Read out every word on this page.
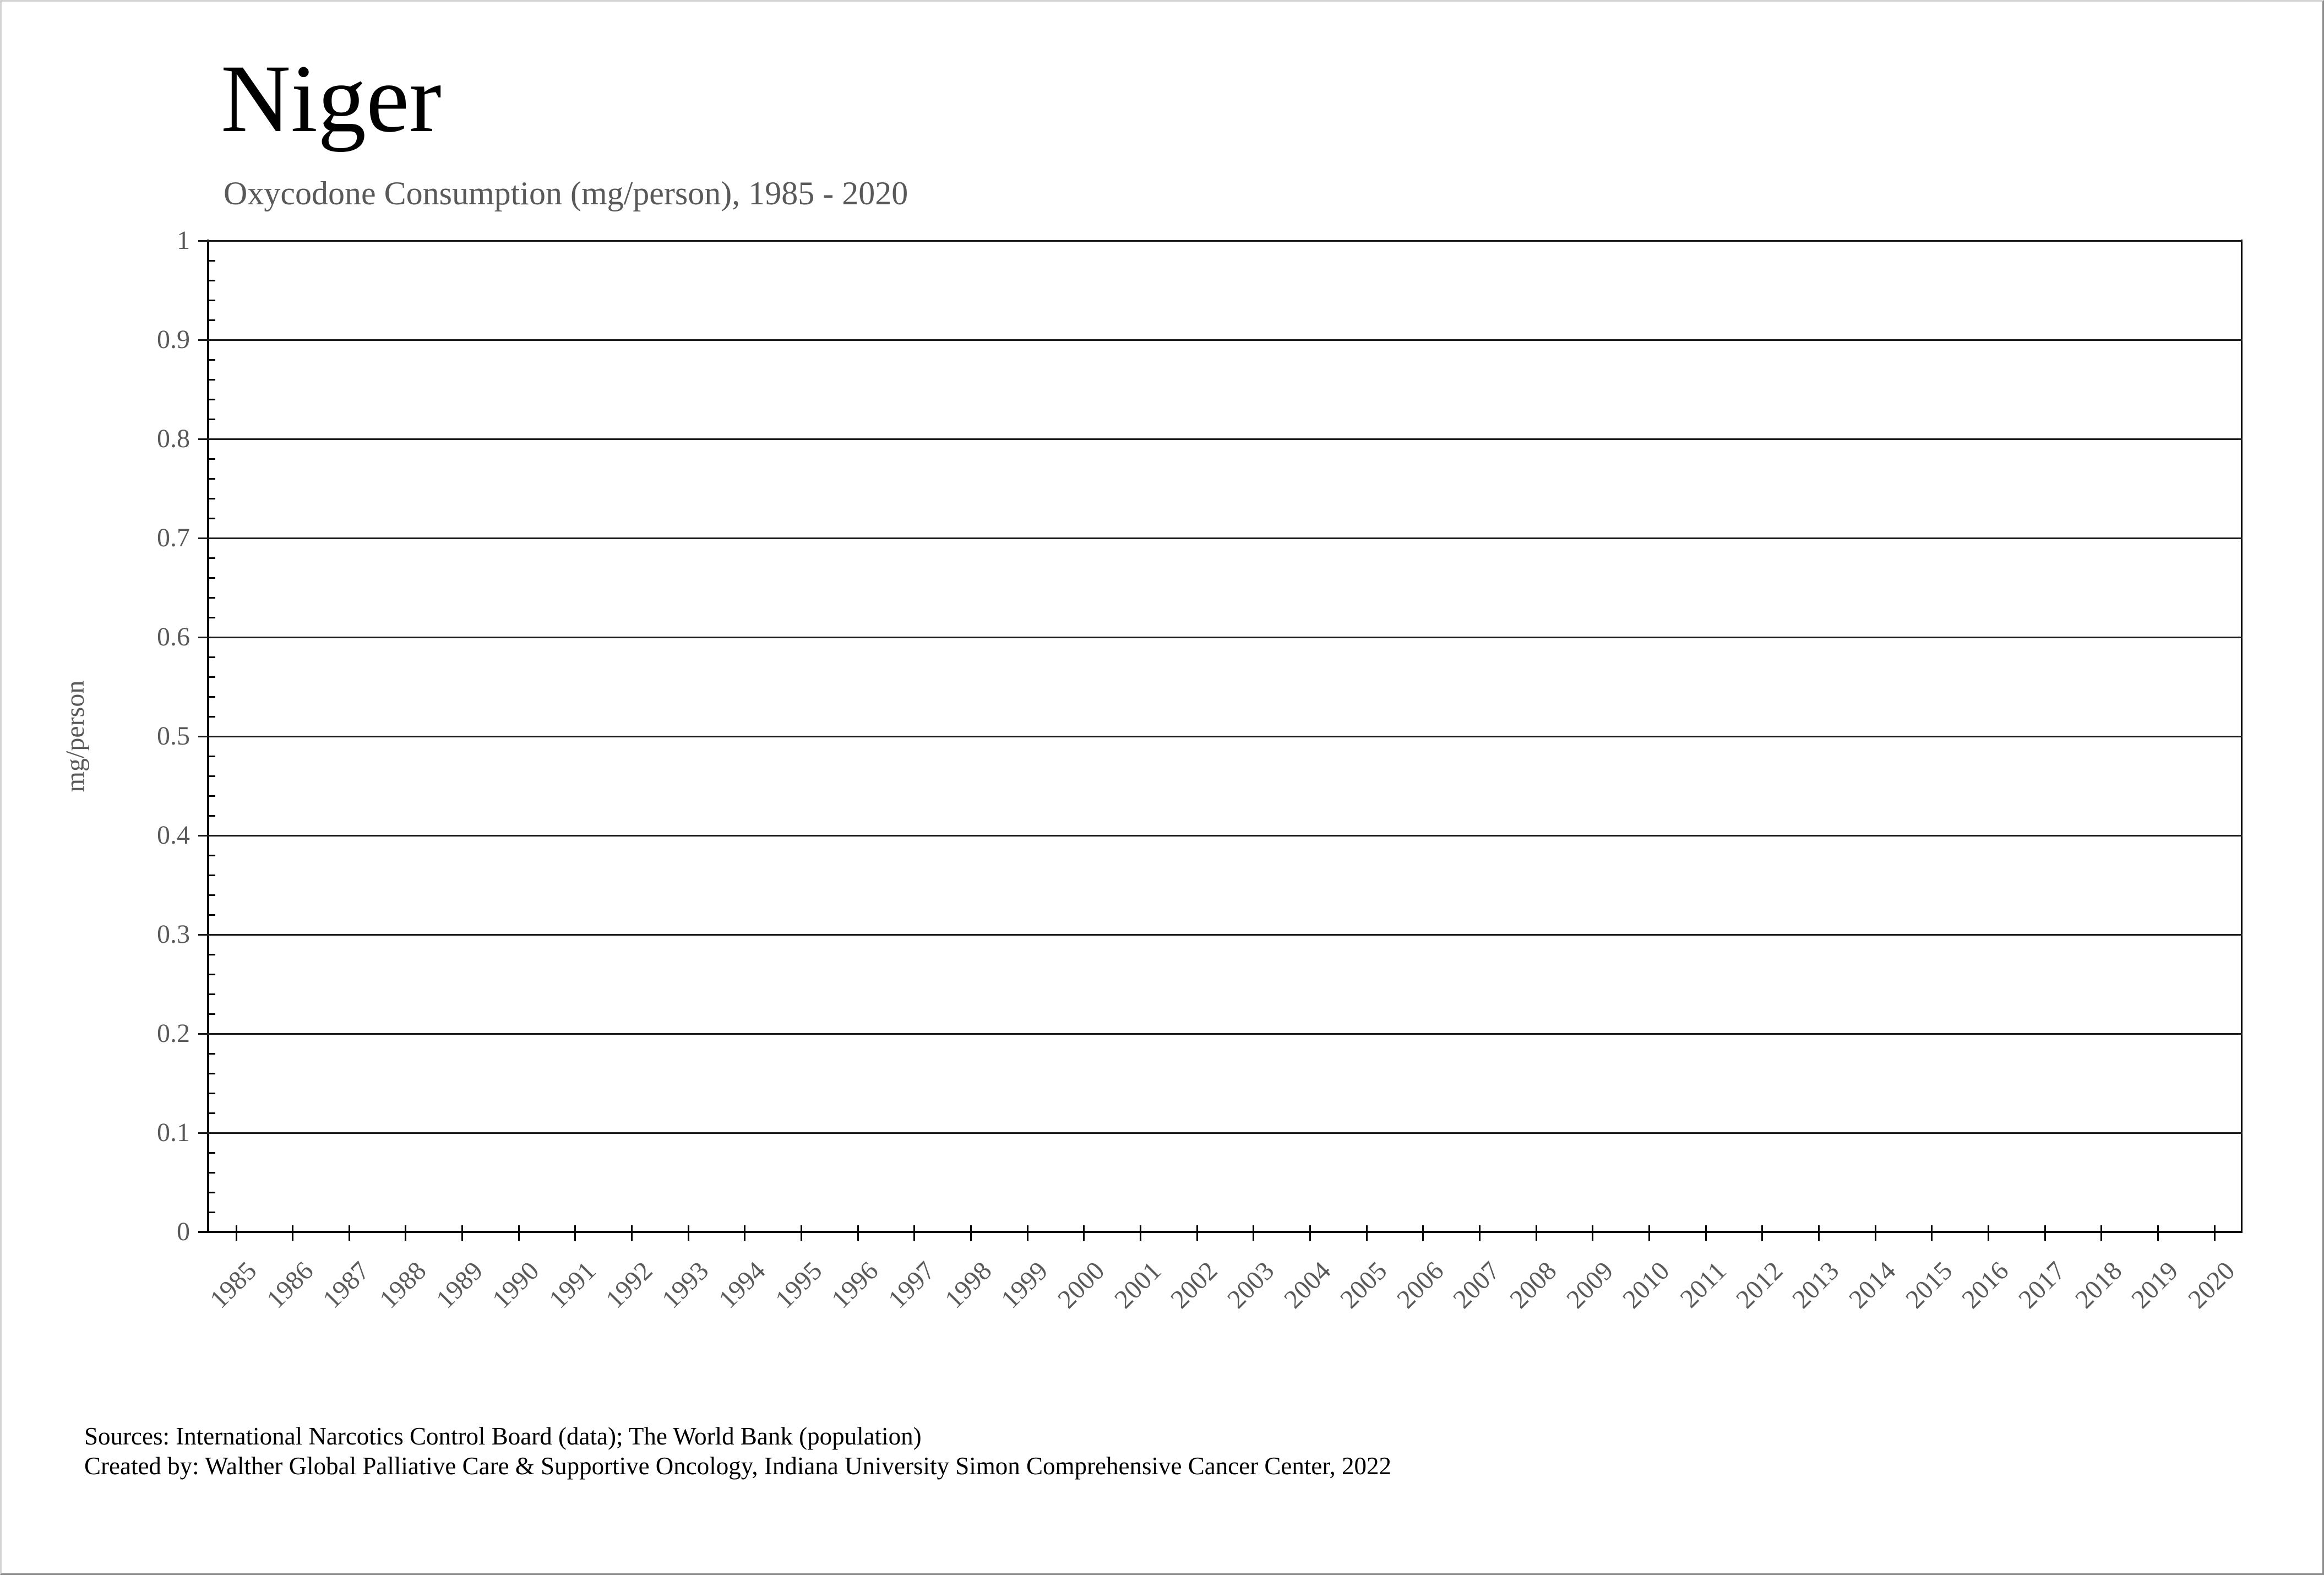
Niger
Oxycodone Consumption (mg/person), 1985 - 2020
mg/person
0
0.1
0.2
0.3
0.4
0.5
0.6
0.7
0.8
0.9
1
1985
1986
1987
1988
1989
1990
1991
1992
1993
1994
1995
1996
1997
1998
1999
2000
2001
2002
2003
2004
2005
2006
2007
2008
2009
2010
2011
2012
2013
2014
2015
2016
2017
2018
2019
2020
Sources: International Narcotics Control Board (data); The World Bank (population)
Created by: Walther Global Palliative Care & Supportive Oncology, Indiana University Simon Comprehensive Cancer Center, 2022
